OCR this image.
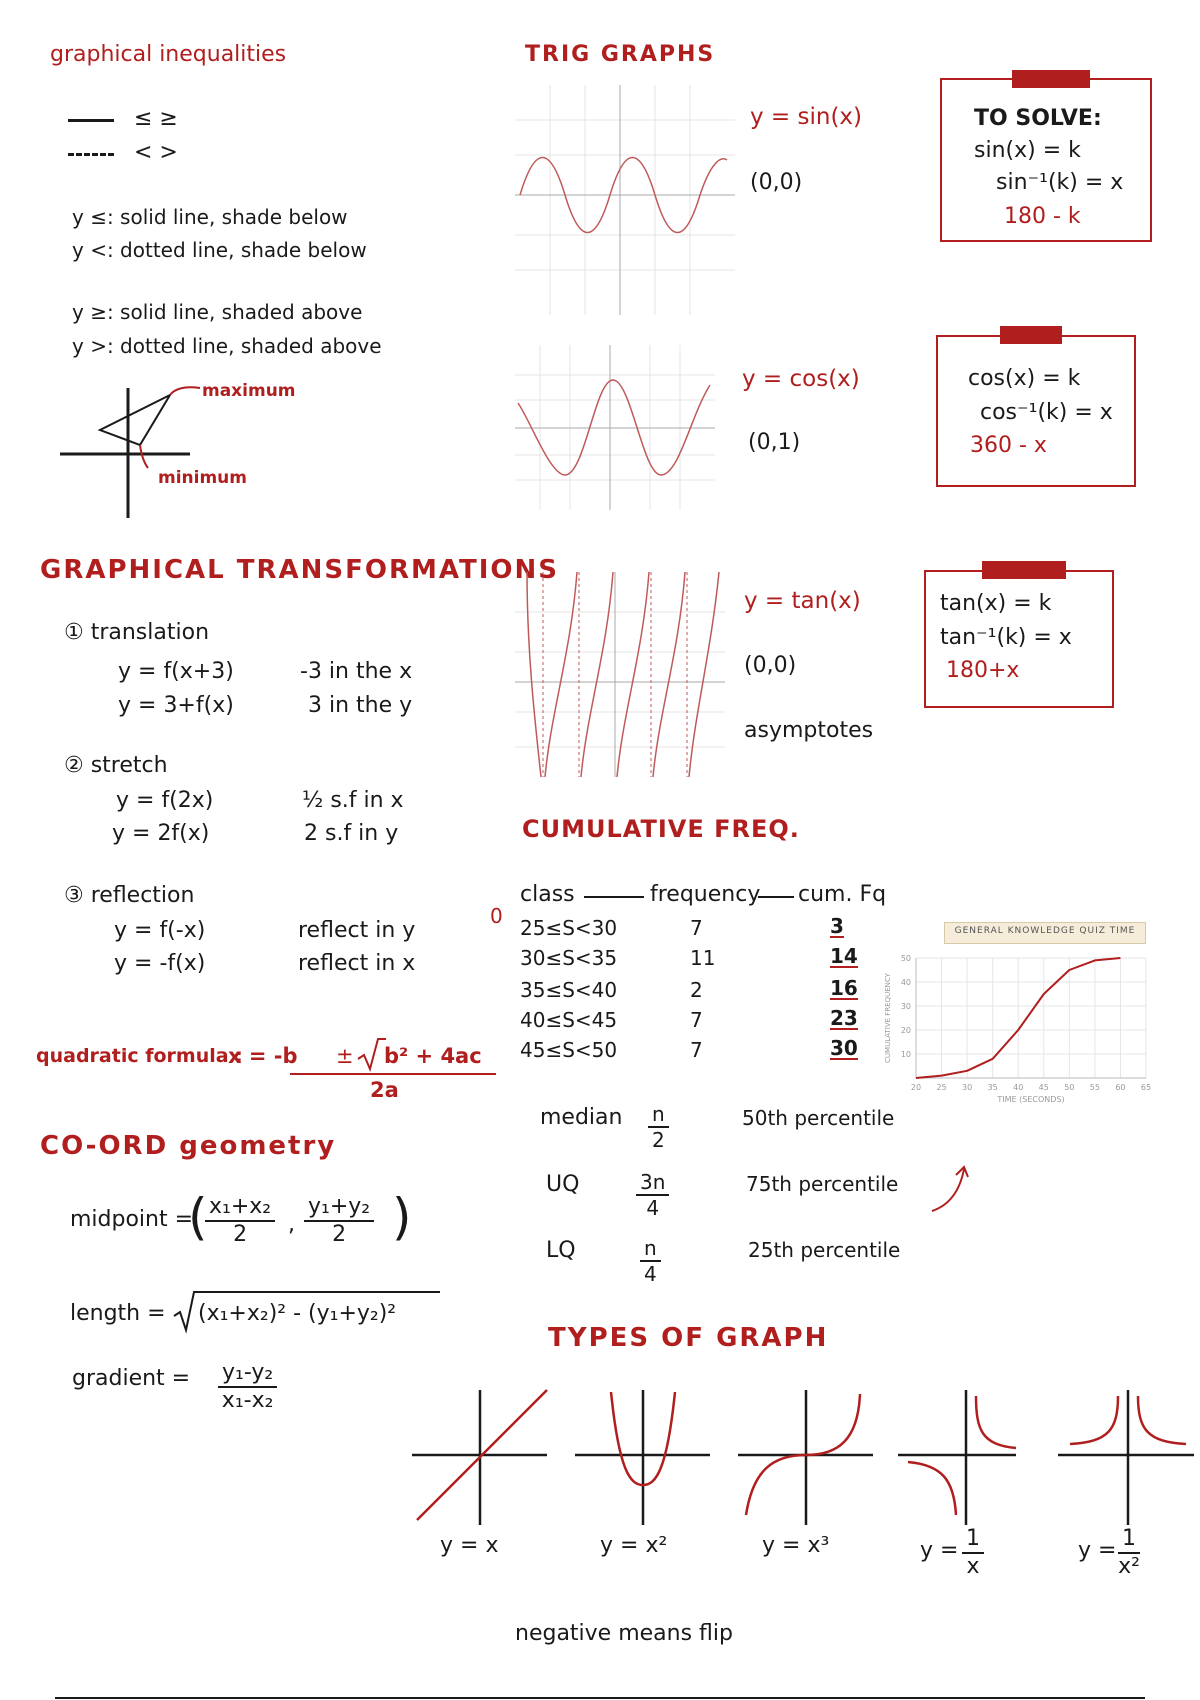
graphical inequalities
≤ ≥
< >
y ≤: solid line, shade below
y <: dotted line, shade below
y ≥: solid line, shaded above
y >: dotted line, shaded above
maximum
minimum
GRAPHICAL TRANSFORMATIONS
① translation
y = f(x+3)	-3 in the x
y = 3+f(x)	3 in the y
② stretch
y = f(2x)	½ s.f in x
y = 2f(x)	2 s.f in y
③ reflection
y = f(-x)	reflect in y
y = -f(x)	reflect in x
quadratic formula :
x = -b ± b² + 4ac
2a
CO-ORD geometry
midpoint =
(
$\frac{\text{x₁+x₂}}{2}$ , $\frac{\text{y₁+y₂}}{2}$ )
length = (x₁+x₂)² - (y₁+y₂)²
gradient = $\frac{\text{y₁-y₂}}{\text{x₁-x₂}}$
TRIG GRAPHS
y = sin(x)
(0,0)
TO SOLVE:
sin(x) = k
sin⁻¹(k) = x
180 - k
y = cos(x)
(0,1)
cos(x) = k
cos⁻¹(k) = x
360 - x
y = tan(x)
(0,0)
asymptotes
tan(x) = k
tan⁻¹(k) = x
180+x
CUMULATIVE FREQ.
0
class	frequency cum. Fq
25≤S<30	7	3
30≤S<35	11	14
35≤S<40	2	16
40≤S<45	7	23
45≤S<50	7	30
median $\frac{n}{2}$	50th percentile
UQ	$\frac{3n}{4}$	75th percentile
LQ	$\frac{n}{4}$	25th percentile
GENERAL KNOWLEDGE QUIZ TIME
20 25 30 35 40 45 50 55 60 65
10
20
30
40
50
TIME (SECONDS)
CUMULATIVE FREQUENCY
TYPES OF GRAPH
y = x	y = x²	y = x³	$y = \frac{1}{x}$	$y = \frac{1}{\text{x²}}$
negative means flip
